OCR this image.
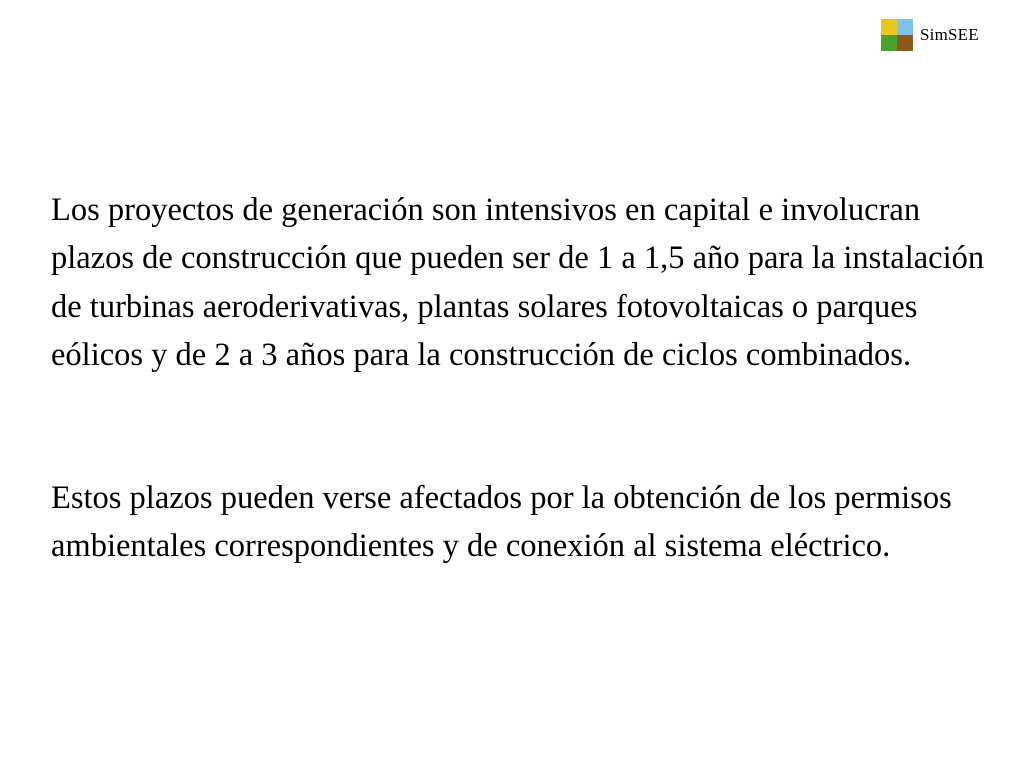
SimSEE

Los proyectos de generación son intensivos en capital e involucran plazos de construcción que pueden ser de 1 a 1,5 año para la instalación de turbinas aeroderivativas, plantas solares fotovoltaicas o parques eólicos y de 2 a 3 años para la construcción de ciclos combinados.

Estos plazos pueden verse afectados por la obtención de los permisos ambientales correspondientes y de conexión al sistema eléctrico.
